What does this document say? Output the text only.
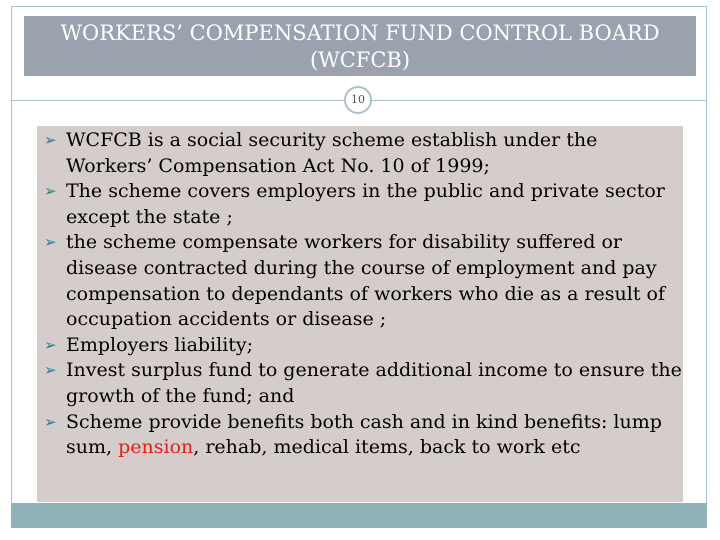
WORKERS’ COMPENSATION FUND CONTROL BOARD
(WCFCB)
10
➢ WCFCB is a social security scheme establish under the Workers’ Compensation Act No. 10 of 1999;
➢ The scheme covers employers in the public and private sector except the state ;
➢ the scheme compensate workers for disability suffered or disease contracted during the course of employment and pay compensation to dependants of workers who die as a result of occupation accidents or disease ;
➢ Employers liability;
➢ Invest surplus fund to generate additional income to ensure the growth of the fund; and
➢ Scheme provide benefits both cash and in kind benefits: lump sum, pension, rehab, medical items, back to work etc
